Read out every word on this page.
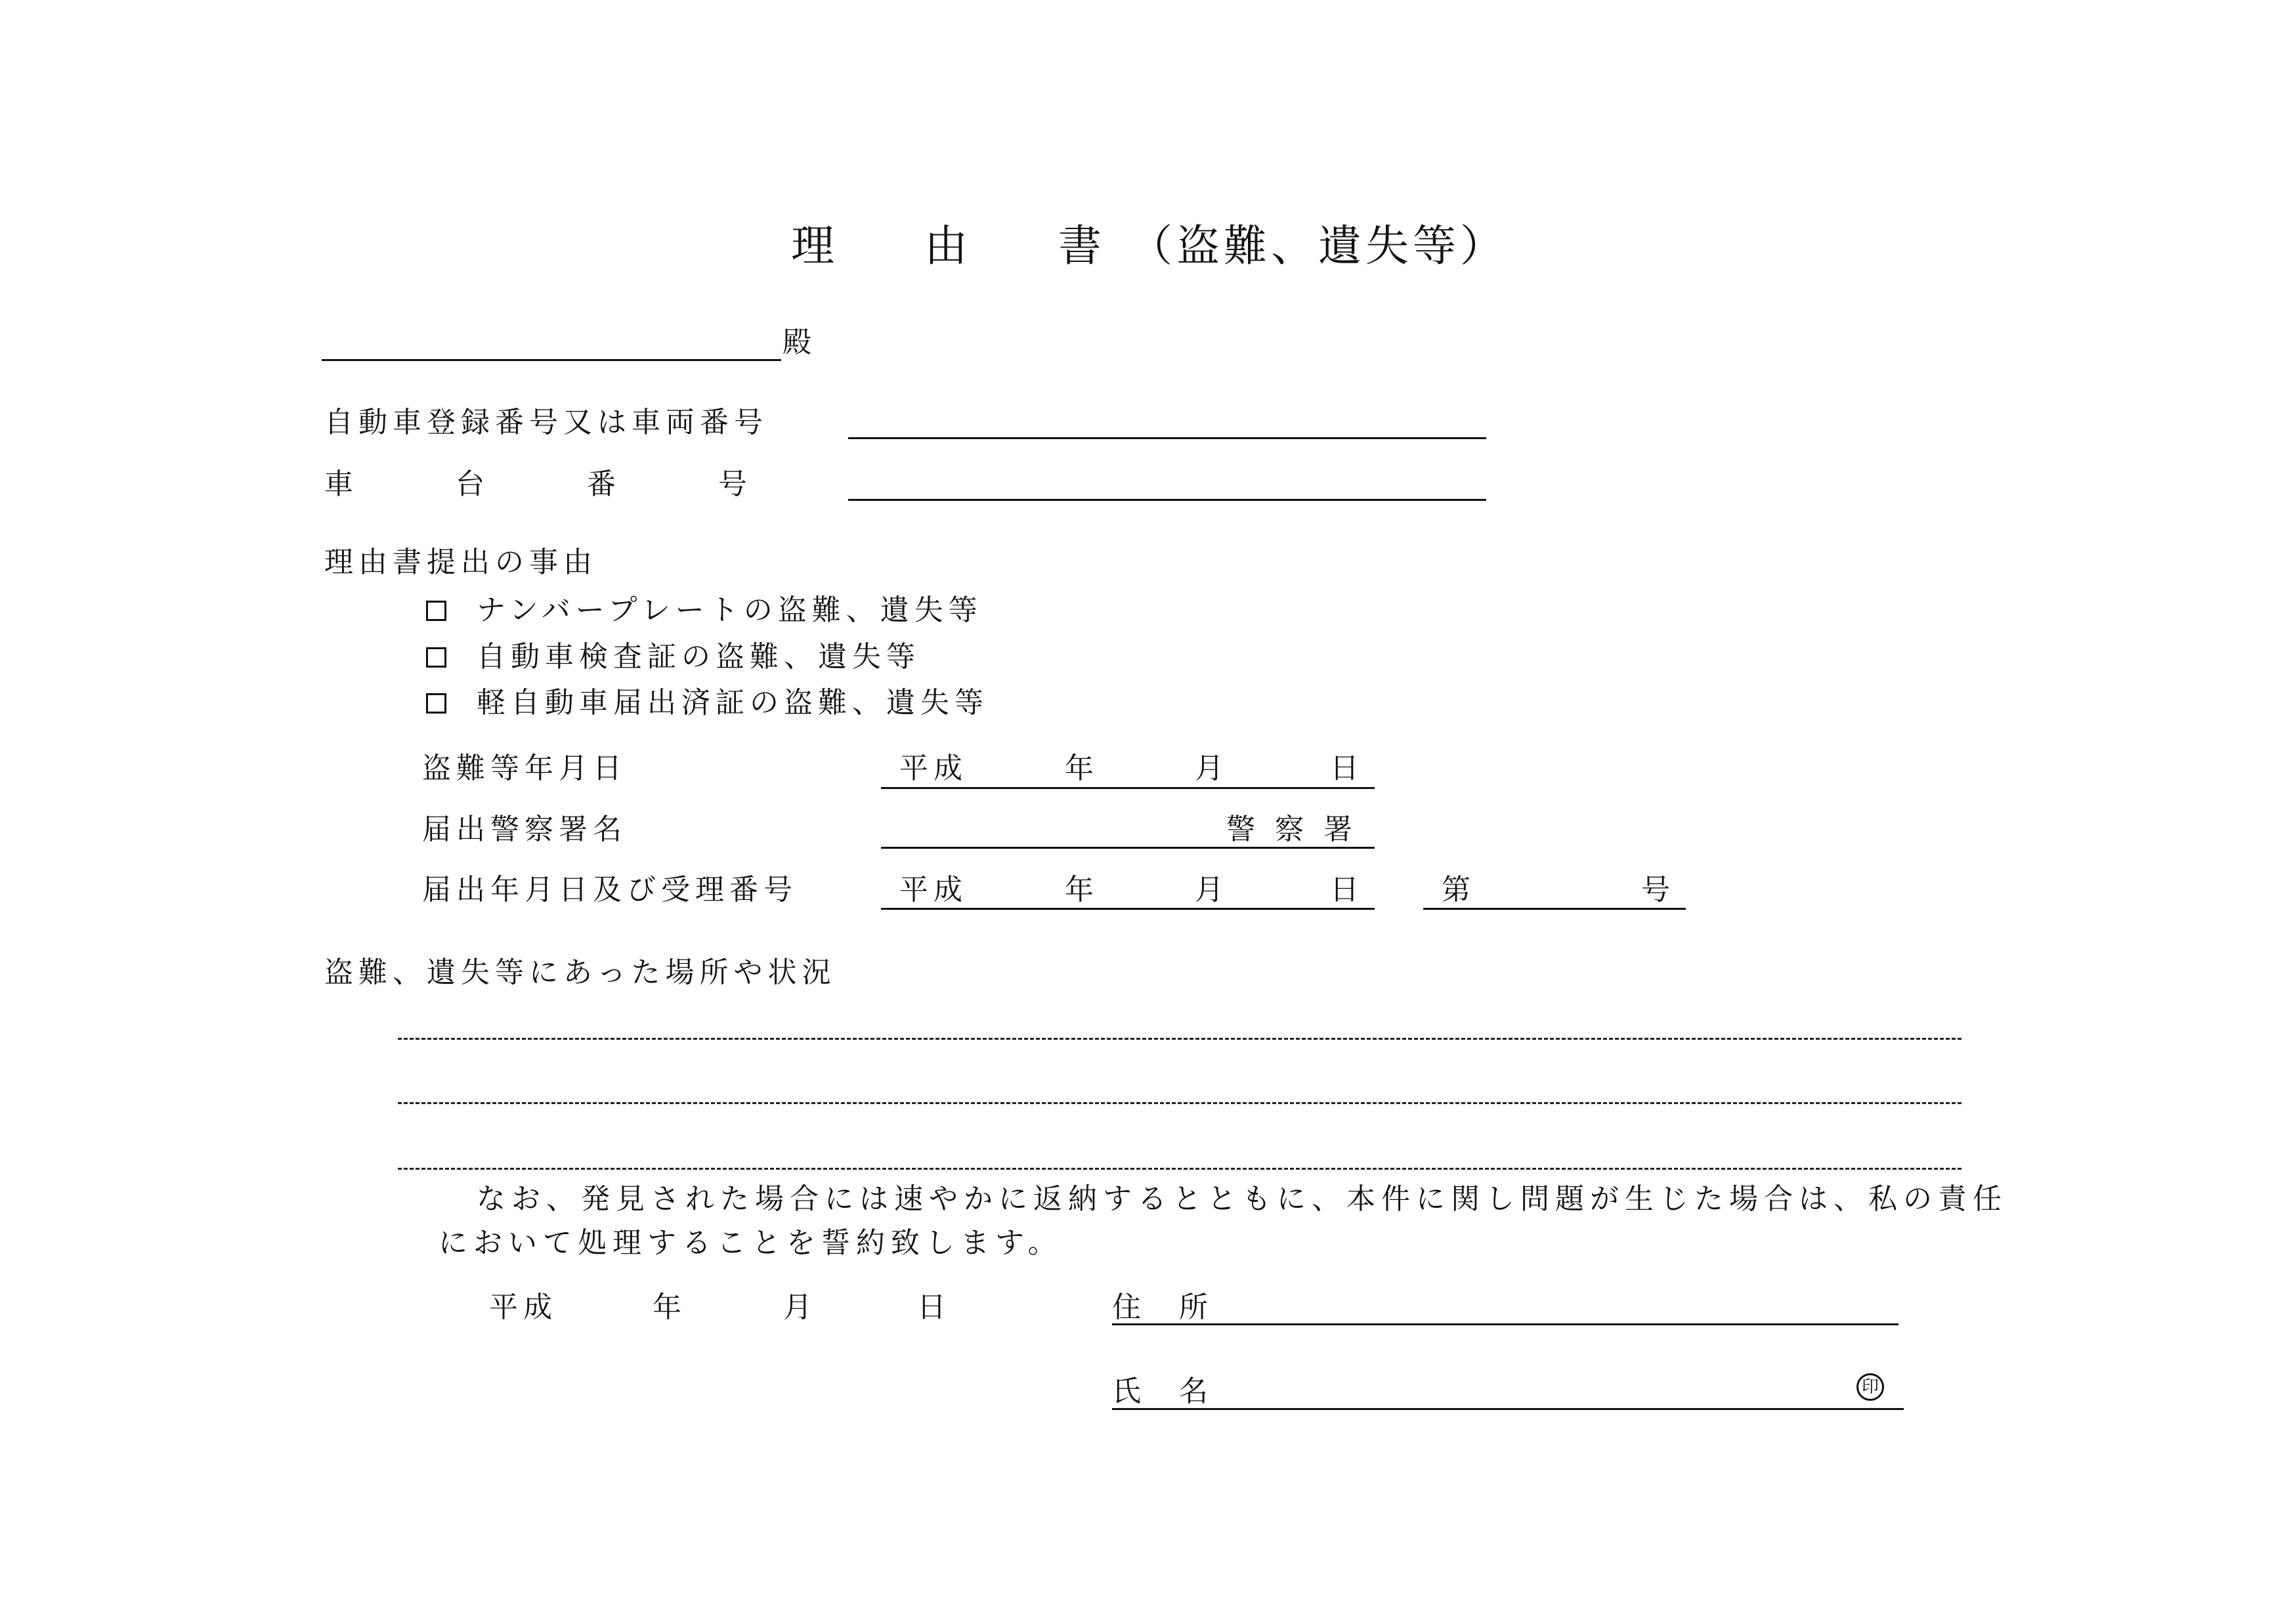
理 由 書 （盗難、遺失等）
殿
自動車登録番号又は車両番号
車	台	番	号
理由書提出の事由
ナンバープレートの盗難、遺失等
自動車検査証の盗難、遺失等
軽自動車届出済証の盗難、遺失等
盗難等年月日	平成	年	月	日
届出警察署名	警 察 署
届出年月日及び受理番号	平成	年	月	日	第	号
盗難、遺失等にあった場所や状況
なお、発見された場合には速やかに返納するとともに、本件に関し問題が生じた場合は、私の責任
において処理することを誓約致します。
平成	年	月	日	住 所
氏 名	印
